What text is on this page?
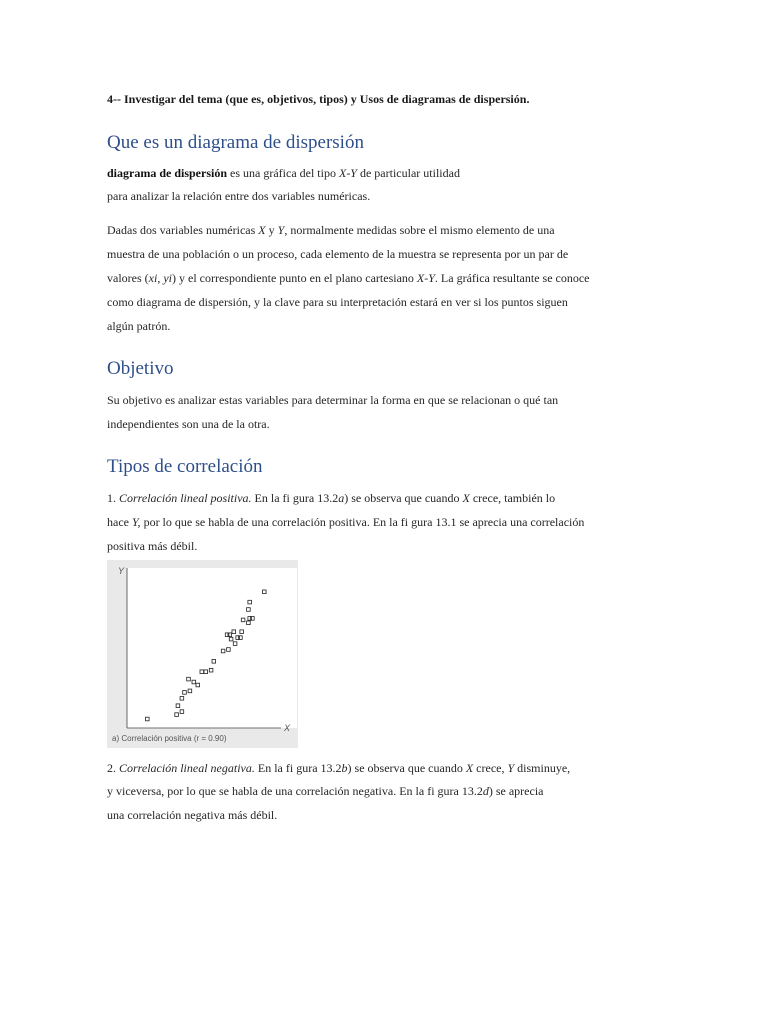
4-- Investigar del tema (que es, objetivos, tipos) y Usos de diagramas de dispersión.
Que es un diagrama de dispersión
diagrama de dispersión es una gráfica del tipo X-Y de particular utilidad
para analizar la relación entre dos variables numéricas.
Dadas dos variables numéricas X y Y, normalmente medidas sobre el mismo elemento de una
muestra de una población o un proceso, cada elemento de la muestra se representa por un par de
valores (xi, yi) y el correspondiente punto en el plano cartesiano X-Y. La gráfica resultante se conoce
como diagrama de dispersión, y la clave para su interpretación estará en ver si los puntos siguen
algún patrón.
Objetivo
Su objetivo es analizar estas variables para determinar la forma en que se relacionan o qué tan
independientes son una de la otra.
Tipos de correlación
1. Correlación lineal positiva. En la fi gura 13.2a) se observa que cuando X crece, también lo
hace Y, por lo que se habla de una correlación positiva. En la fi gura 13.1 se aprecia una correlación
positiva más débil.
2. Correlación lineal negativa. En la fi gura 13.2b) se observa que cuando X crece, Y disminuye,
y viceversa, por lo que se habla de una correlación negativa. En la fi gura 13.2d) se aprecia
una correlación negativa más débil.
Y
X
a) Correlación positiva (r = 0.90)
